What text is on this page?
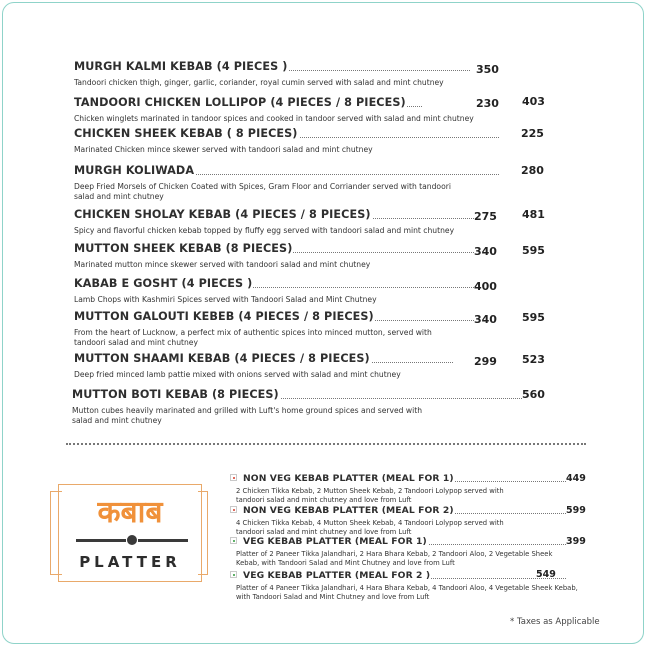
MURGH KALMI KEBAB (4 PIECES )
Tandoori chicken thigh, ginger, garlic, coriander, royal cumin served with salad and mint chutney
350
TANDOORI CHICKEN LOLLIPOP (4 PIECES / 8 PIECES)
Chicken winglets marinated in tandoor spices and cooked in tandoor served with salad and mint chutney
230 403
CHICKEN SHEEK KEBAB ( 8 PIECES)
Marinated Chicken mince skewer served with tandoori salad and mint chutney
225
MURGH KOLIWADA
Deep Fried Morsels of Chicken Coated with Spices, Gram Floor and Corriander served with tandoori salad and mint chutney
280
CHICKEN SHOLAY KEBAB (4 PIECES / 8 PIECES)
Spicy and flavorful chicken kebab topped by fluffy egg served with tandoori salad and mint chutney
275 481
MUTTON SHEEK KEBAB (8 PIECES)
Marinated mutton mince skewer served with tandoori salad and mint chutney
340 595
KABAB E GOSHT (4 PIECES )
Lamb Chops with Kashmiri Spices served with Tandoori Salad and Mint Chutney
400
MUTTON GALOUTI KEBEB (4 PIECES / 8 PIECES)
From the heart of Lucknow, a perfect mix of authentic spices into minced mutton, served with tandoori salad and mint chutney
340 595
MUTTON SHAAMI KEBAB (4 PIECES / 8 PIECES)
Deep fried minced lamb pattie mixed with onions served with salad and mint chutney
299 523
MUTTON BOTI KEBAB (8 PIECES)
Mutton cubes heavily marinated and grilled with Luft's home ground spices and served with salad and mint chutney
560
कबाब
PLATTER
NON VEG KEBAB PLATTER (MEAL FOR 1)
2 Chicken Tikka Kebab, 2 Mutton Sheek Kebab, 2 Tandoori Lolypop served with tandoori salad and mint chutney and love from Luft
449
NON VEG KEBAB PLATTER (MEAL FOR 2)
4 Chicken Tikka Kebab, 4 Mutton Sheek Kebab, 4 Tandoori Lolypop served with tandoori salad and mint chutney and love from Luft
599
VEG KEBAB PLATTER (MEAL FOR 1)
Platter of 2 Paneer Tikka Jalandhari, 2 Hara Bhara Kebab, 2 Tandoori Aloo, 2 Vegetable Sheek Kebab, with Tandoori Salad and Mint Chutney and love from Luft
399
VEG KEBAB PLATTER (MEAL FOR 2 )
Platter of 4 Paneer Tikka Jalandhari, 4 Hara Bhara Kebab, 4 Tandoori Aloo, 4 Vegetable Sheek Kebab, with Tandoori Salad and Mint Chutney and love from Luft
549
* Taxes as Applicable
